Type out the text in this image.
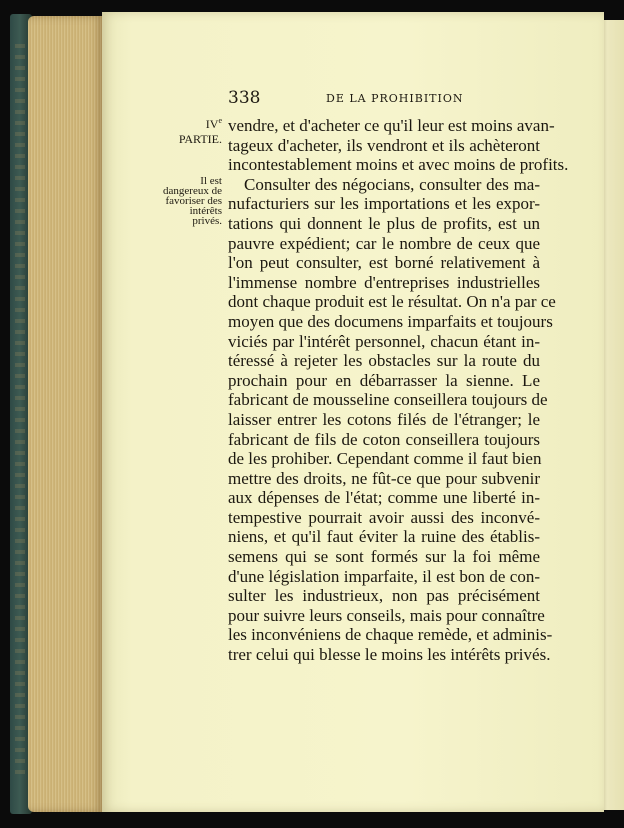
338	DE LA PROHIBITION
IVe PARTIE.
Il est
dangereux de
favoriser des
intérêts privés.
vendre, et d'acheter ce qu'il leur est moins avan-
tageux d'acheter, ils vendront et ils achèteront
incontestablement moins et avec moins de profits.
Consulter des négocians, consulter des ma-
nufacturiers sur les importations et les expor-
tations qui donnent le plus de profits, est un
pauvre expédient; car le nombre de ceux que
l'on peut consulter, est borné relativement à
l'immense nombre d'entreprises industrielles
dont chaque produit est le résultat. On n'a par ce
moyen que des documens imparfaits et toujours
viciés par l'intérêt personnel, chacun étant in-
téressé à rejeter les obstacles sur la route du
prochain pour en débarrasser la sienne. Le
fabricant de mousseline conseillera toujours de
laisser entrer les cotons filés de l'étranger; le
fabricant de fils de coton conseillera toujours
de les prohiber. Cependant comme il faut bien
mettre des droits, ne fût-ce que pour subvenir
aux dépenses de l'état; comme une liberté in-
tempestive pourrait avoir aussi des inconvé-
niens, et qu'il faut éviter la ruine des établis-
semens qui se sont formés sur la foi même
d'une législation imparfaite, il est bon de con-
sulter les industrieux, non pas précisément
pour suivre leurs conseils, mais pour connaître
les inconvéniens de chaque remède, et adminis-
trer celui qui blesse le moins les intérêts privés.
